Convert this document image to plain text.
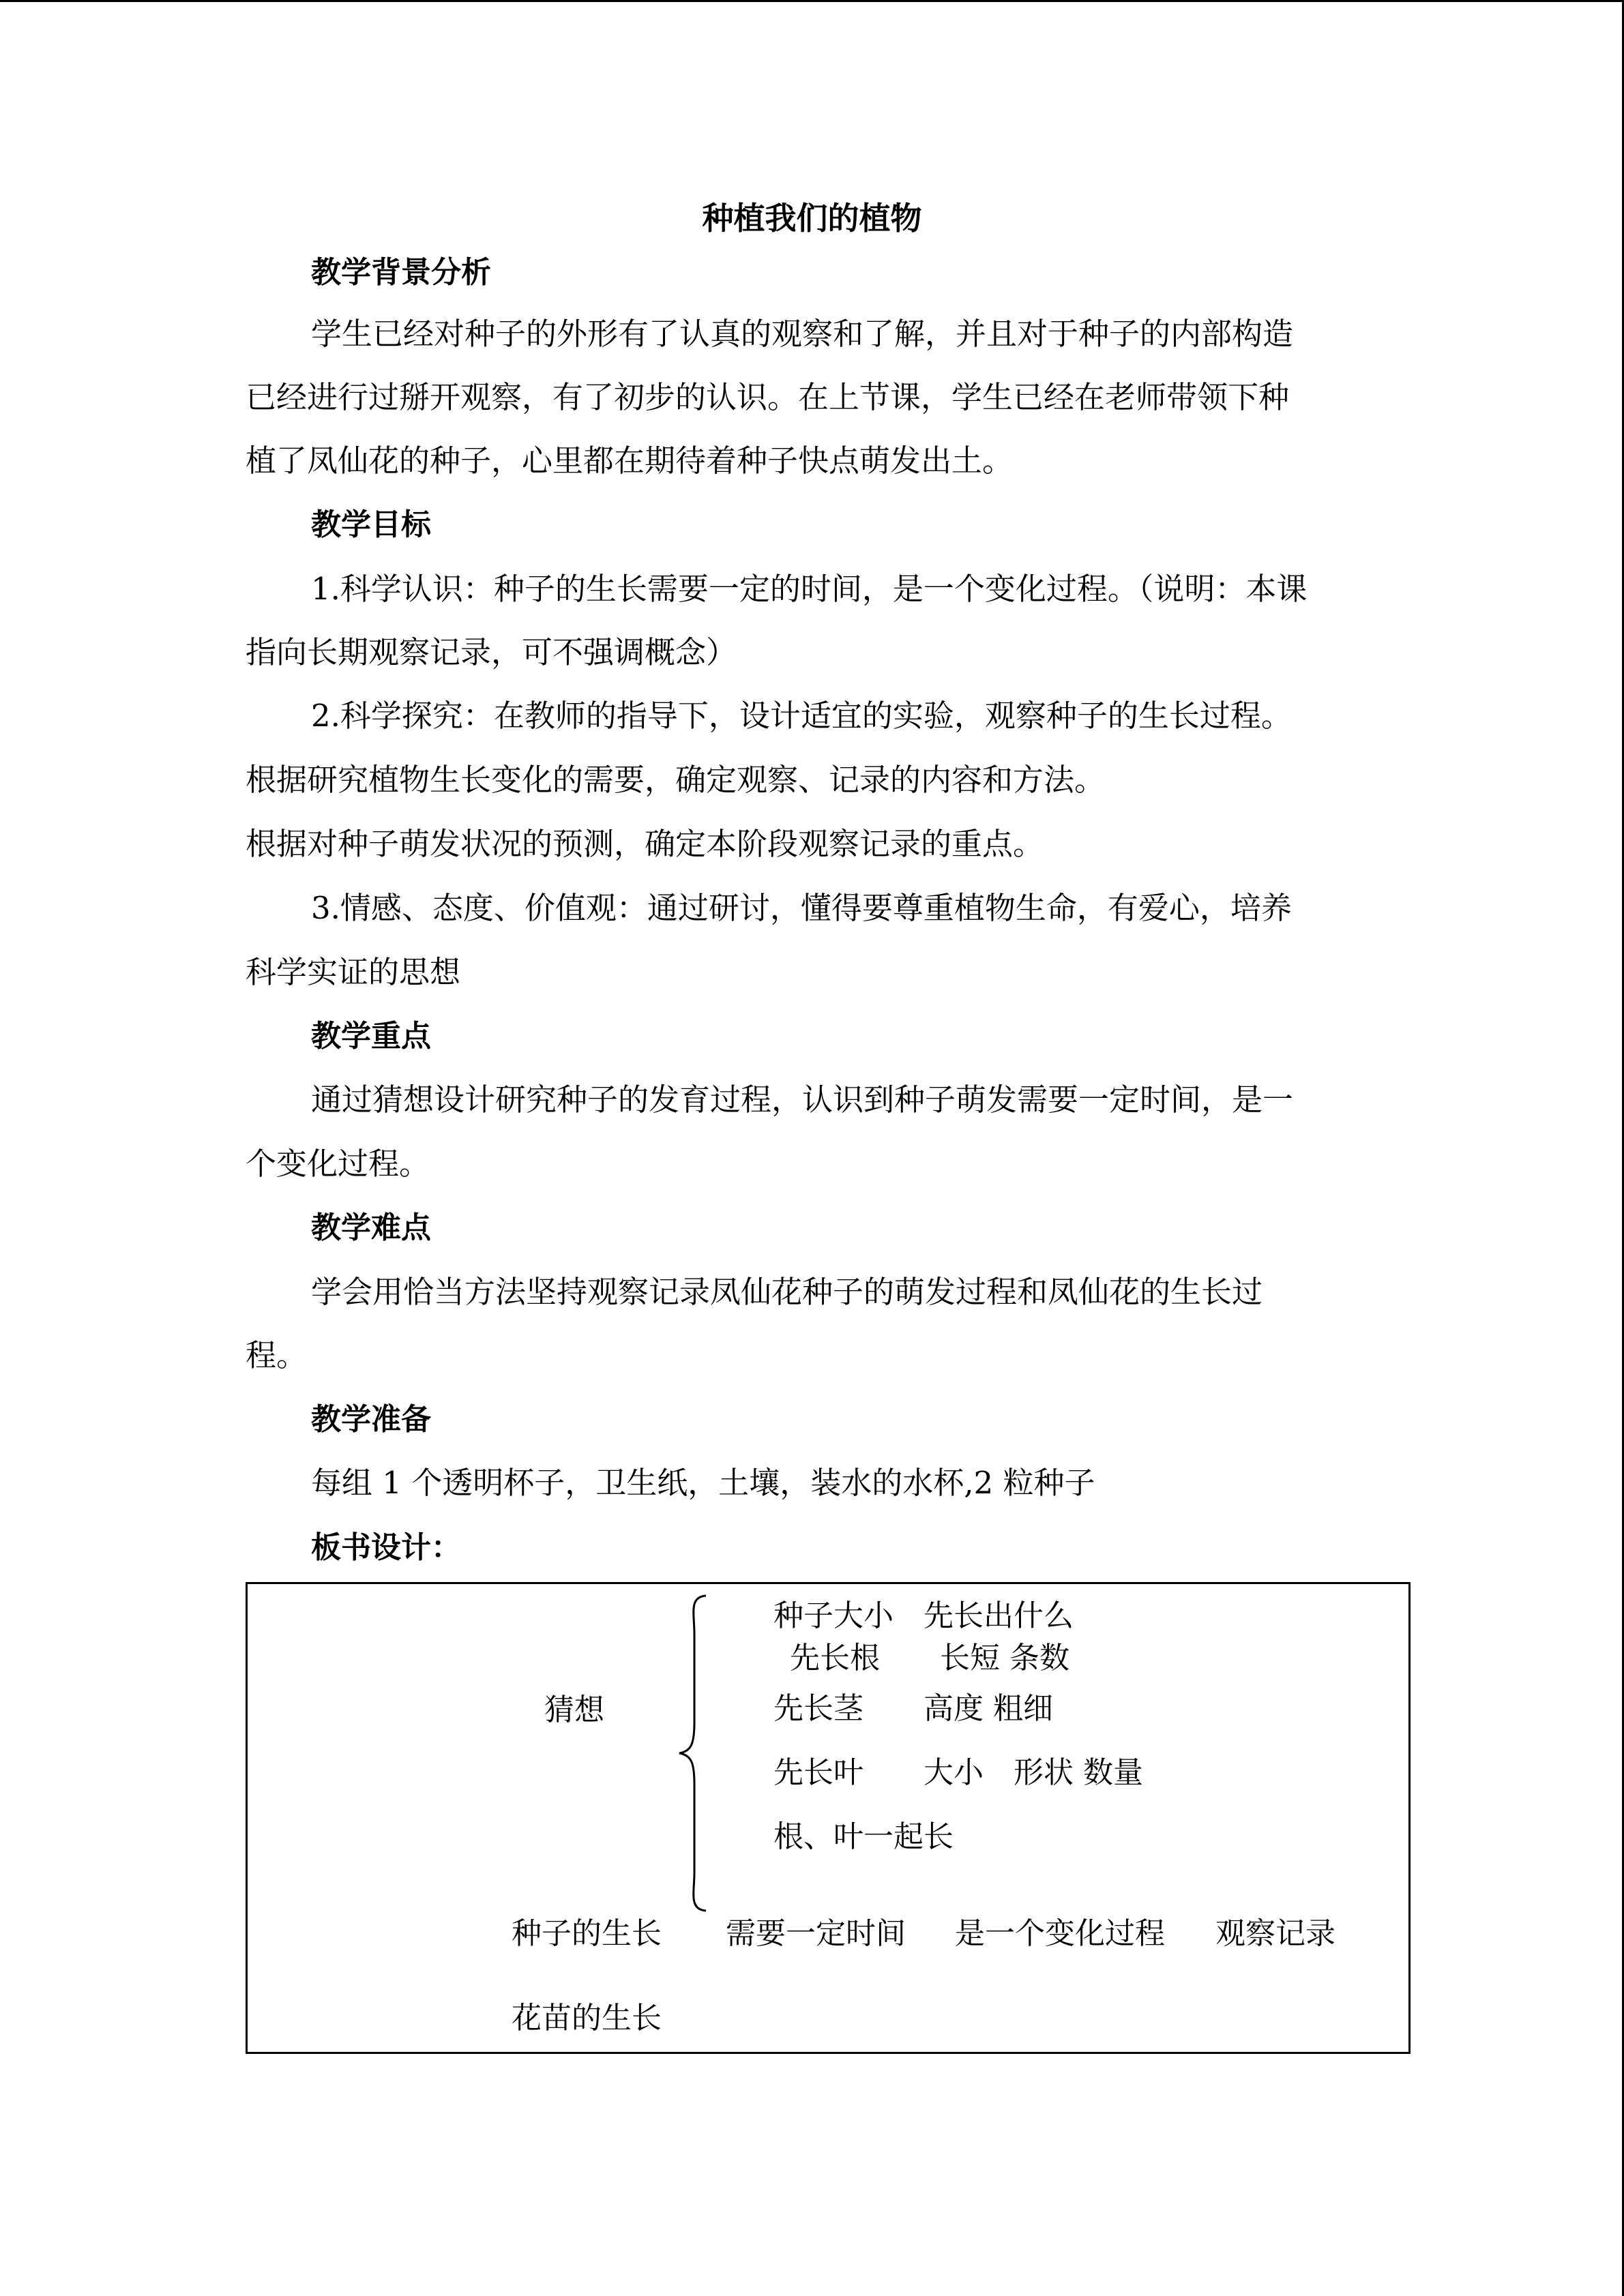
种植我们的植物
教学背景分析
学生已经对种子的外形有了认真的观察和了解，并且对于种子的内部构造
已经进行过掰开观察，有了初步的认识。在上节课，学生已经在老师带领下种
植了凤仙花的种子，心里都在期待着种子快点萌发出土。
教学目标
1.科学认识：种子的生长需要一定的时间，是一个变化过程。（说明：本课
指向长期观察记录，可不强调概念）
2.科学探究：在教师的指导下，设计适宜的实验，观察种子的生长过程。
根据研究植物生长变化的需要，确定观察、记录的内容和方法。
根据对种子萌发状况的预测，确定本阶段观察记录的重点。
3.情感、态度、价值观：通过研讨，懂得要尊重植物生命，有爱心，培养
科学实证的思想
教学重点
通过猜想设计研究种子的发育过程，认识到种子萌发需要一定时间，是一
个变化过程。
教学难点
学会用恰当方法坚持观察记录凤仙花种子的萌发过程和凤仙花的生长过
程。
教学准备
每组 1 个透明杯子，卫生纸，土壤，装水的水杯,2 粒种子
板书设计：
猜想
种子大小　先长出什么
先长根　　长短 条数
先长茎　　高度 粗细
先长叶　　大小　形状 数量
根、叶一起长
种子的生长 需要一定时间 是一个变化过程 观察记录
花苗的生长
